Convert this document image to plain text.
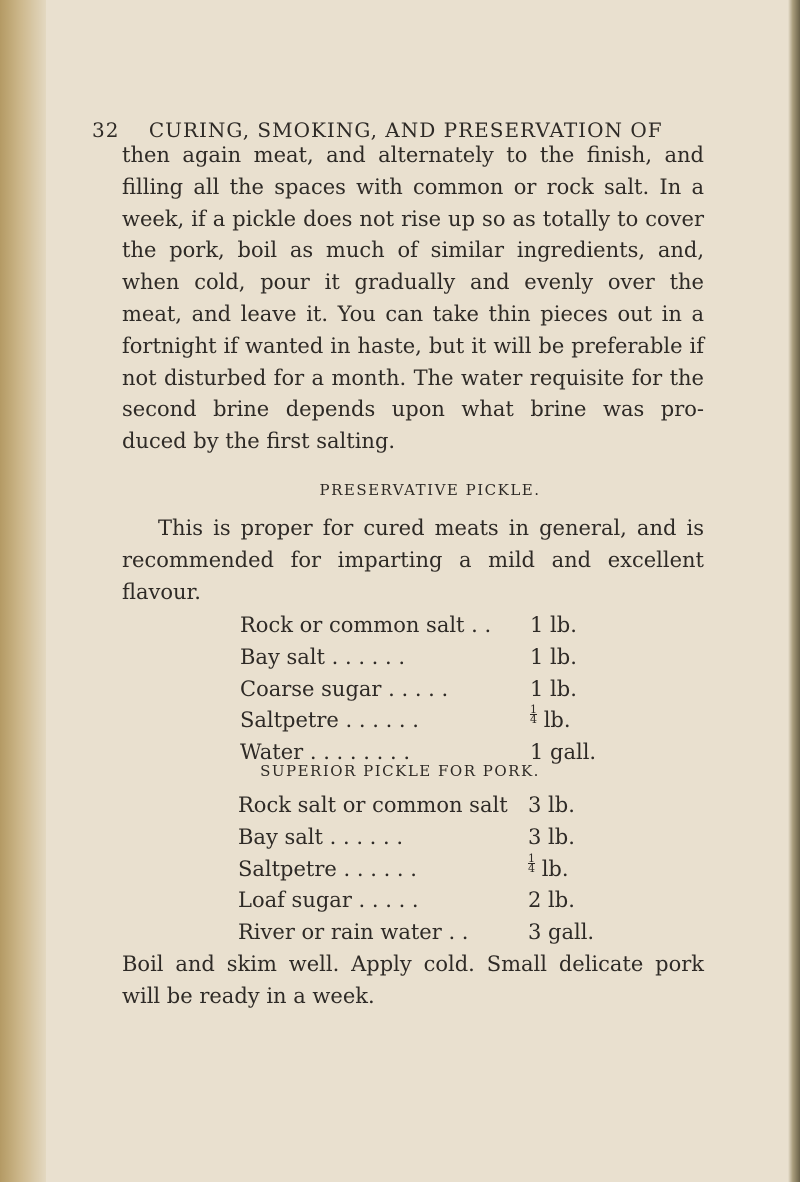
32 CURING, SMOKING, AND PRESERVATION OF

then again meat, and alternately to the finish, and filling all the spaces with common or rock salt. In a week, if a pickle does not rise up so as totally to cover the pork, boil as much of similar ingredients, and, when cold, pour it gradually and evenly over the meat, and leave it. You can take thin pieces out in a fortnight if wanted in haste, but it will be preferable if not disturbed for a month. The water requisite for the second brine depends upon what brine was pro- duced by the first salting.

PRESERVATIVE PICKLE.

This is proper for cured meats in general, and is recommended for imparting a mild and excellent flavour.

Rock or common salt . . 1 lb.
Bay salt . . . . . .	1 lb.
Coarse sugar . . . . .	1 lb.
Saltpetre . . . . . .	$\frac{1}{4}$ lb.
Water . . . . . . . .	1 gall.
SUPERIOR PICKLE FOR PORK.
Rock salt or common salt 3 lb.
Bay salt . . . . . .	3 lb.
Saltpetre . . . . . .	$\frac{1}{4}$ lb.
Loaf sugar . . . . .	2 lb.
River or rain water . .	3 gall.

Boil and skim well. Apply cold. Small delicate pork will be ready in a week.
